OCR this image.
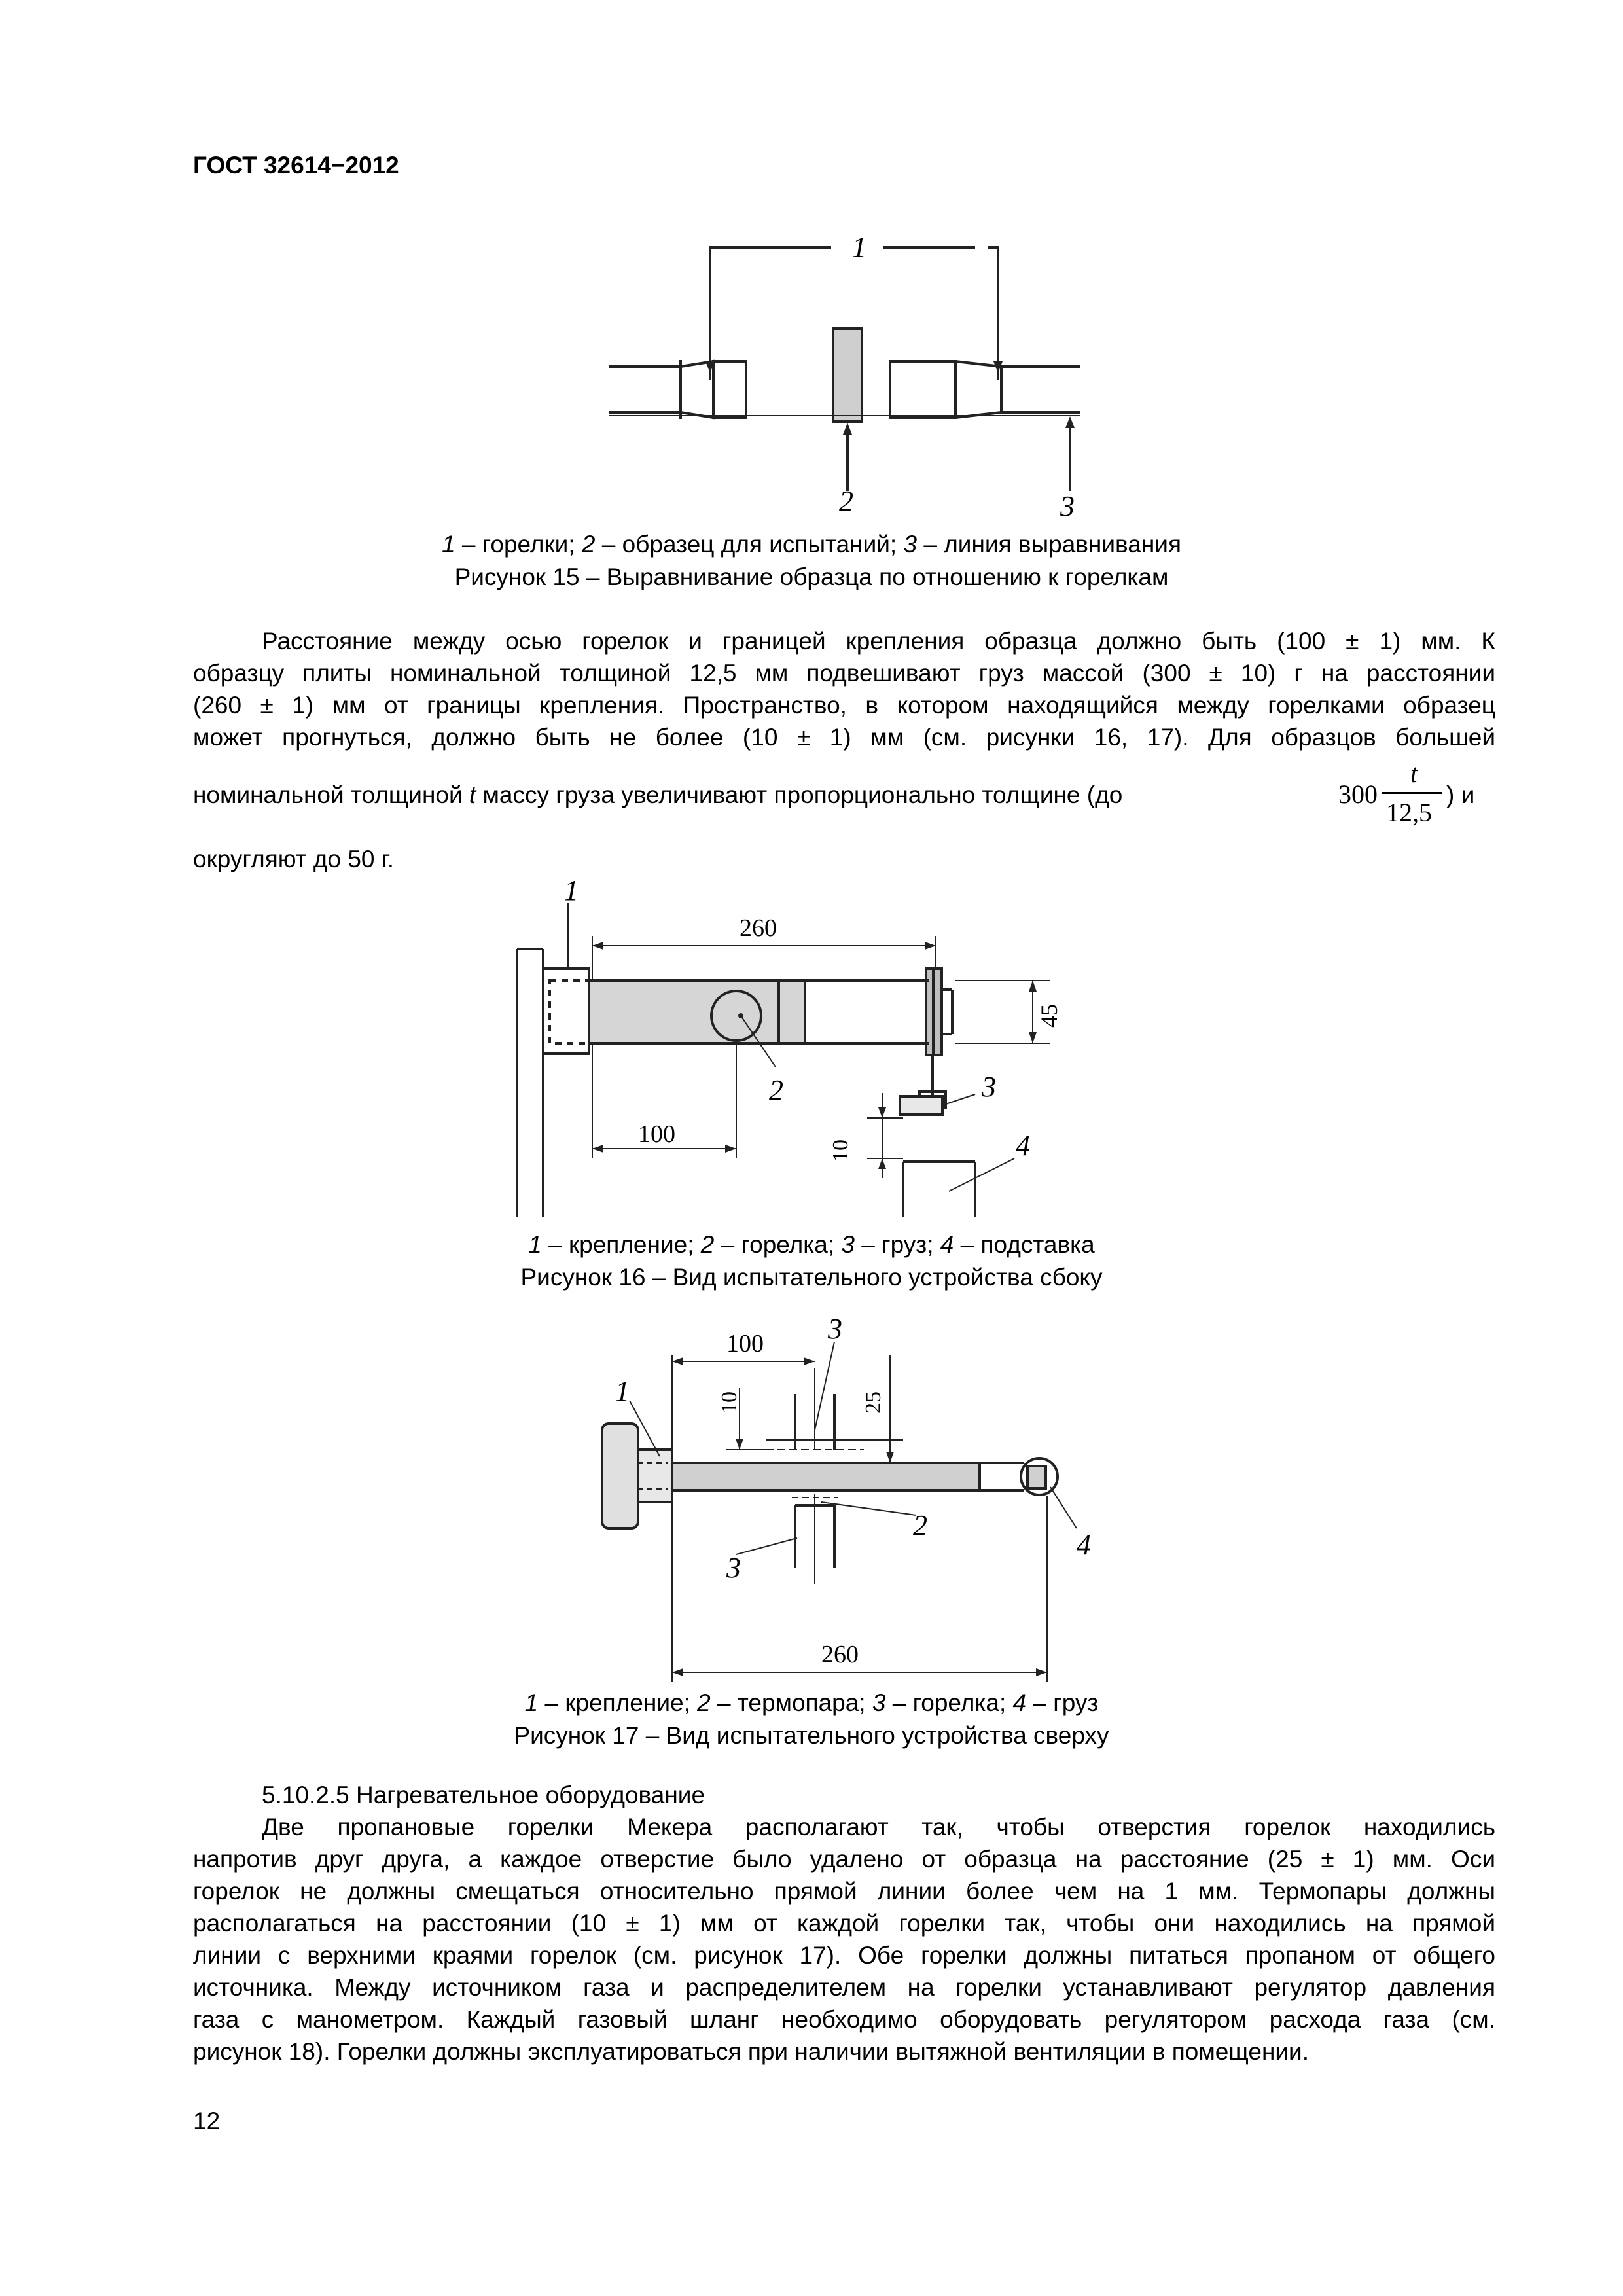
ГОСТ 32614−2012
1
2	3
1 – горелки; 2 – образец для испытаний; 3 – линия выравнивания
Рисунок 15 – Выравнивание образца по отношению к горелкам
Расстояние между осью горелок и границей крепления образца должно быть (100 ± 1) мм. К
образцу плиты номинальной толщиной 12,5 мм подвешивают груз массой (300 ± 10) г на расстоянии
(260 ± 1) мм от границы крепления. Пространство, в котором находящийся между горелками образец
может прогнуться, должно быть не более (10 ± 1) мм (см. рисунки 16, 17). Для образцов большей
номинальной толщиной t массу груза увеличивают пропорционально толщине (до	300
t
12,5
) и
округляют до 50 г.
1
260
45
100
2	3
10	4
1 – крепление; 2 – горелка; 3 – груз; 4 – подставка
Рисунок 16 – Вид испытательного устройства сбоку
100 3
10	25
1
2
4
3
260
1 – крепление; 2 – термопара; 3 – горелка; 4 – груз
Рисунок 17 – Вид испытательного устройства сверху
5.10.2.5 Нагревательное оборудование
Две пропановые горелки Мекера располагают так, чтобы отверстия горелок находились
напротив друг друга, а каждое отверстие было удалено от образца на расстояние (25 ± 1) мм. Оси
горелок не должны смещаться относительно прямой линии более чем на 1 мм. Термопары должны
располагаться на расстоянии (10 ± 1) мм от каждой горелки так, чтобы они находились на прямой
линии с верхними краями горелок (см. рисунок 17). Обе горелки должны питаться пропаном от общего
источника. Между источником газа и распределителем на горелки устанавливают регулятор давления
газа с манометром. Каждый газовый шланг необходимо оборудовать регулятором расхода газа (см.
рисунок 18). Горелки должны эксплуатироваться при наличии вытяжной вентиляции в помещении.
12
